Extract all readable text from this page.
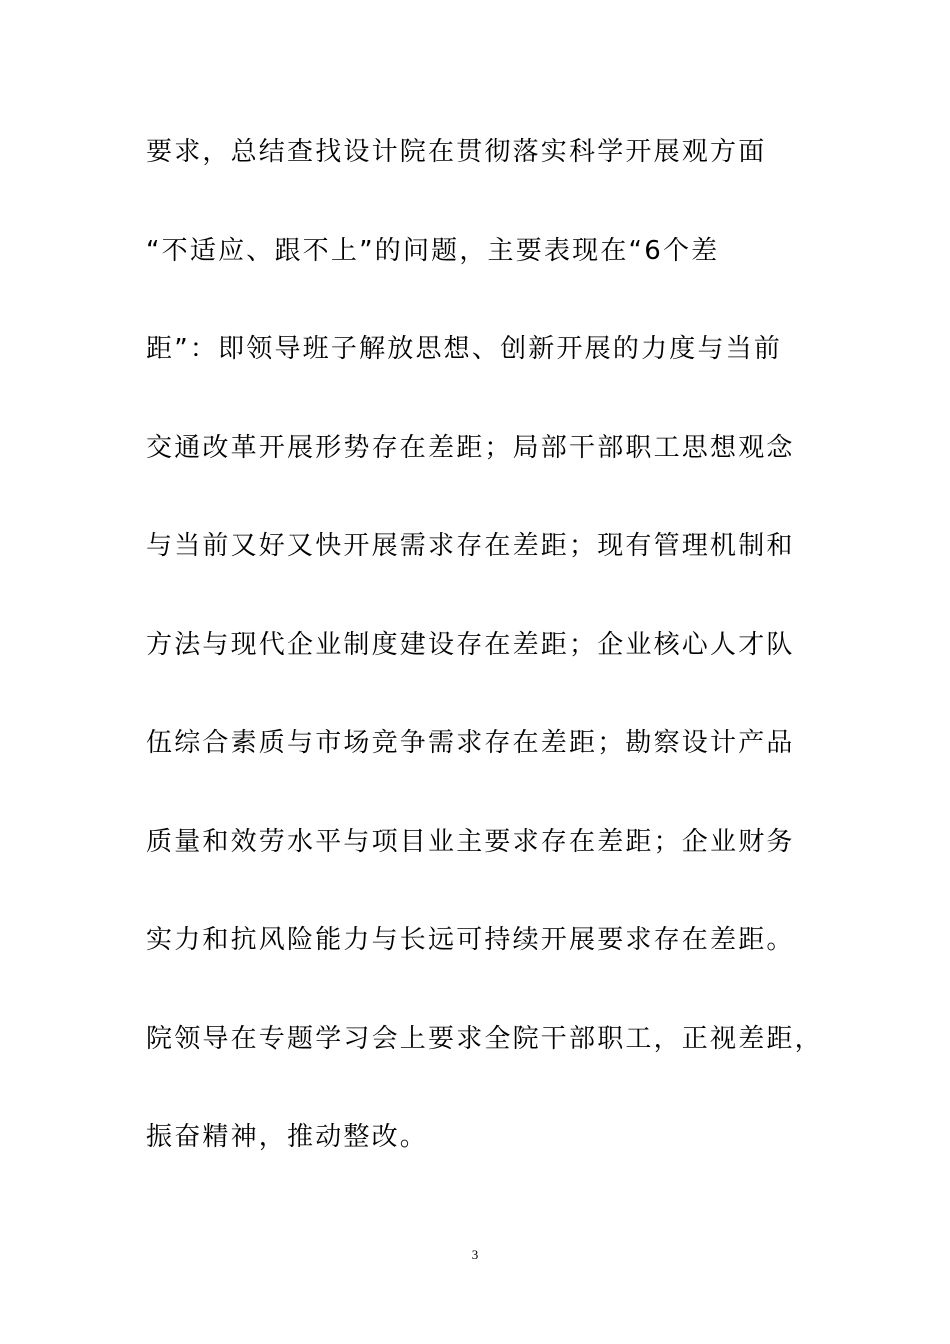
要求，总结查找设计院在贯彻落实科学开展观方面
“不适应、跟不上”的问题，主要表现在“6个差
距”：即领导班子解放思想、创新开展的力度与当前
交通改革开展形势存在差距；局部干部职工思想观念
与当前又好又快开展需求存在差距；现有管理机制和
方法与现代企业制度建设存在差距；企业核心人才队
伍综合素质与市场竞争需求存在差距；勘察设计产品
质量和效劳水平与项目业主要求存在差距；企业财务
实力和抗风险能力与长远可持续开展要求存在差距。
院领导在专题学习会上要求全院干部职工，正视差距，
振奋精神，推动整改。
3
